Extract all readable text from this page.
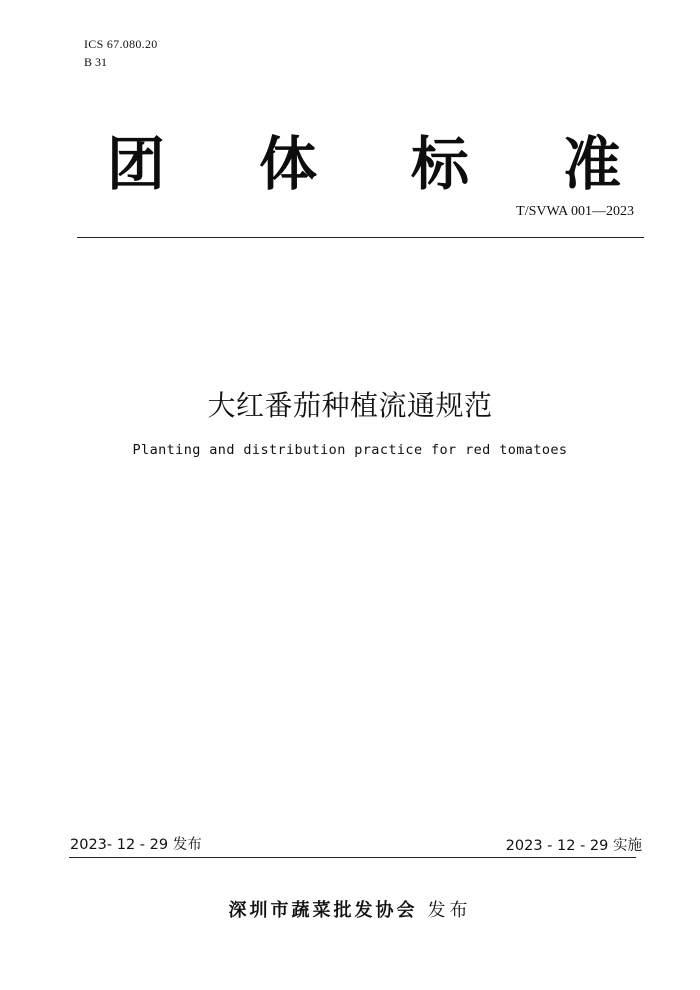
ICS 67.080.20
B 31
团 体 标 准
T/SVWA 001—2023
大红番茄种植流通规范
Planting and distribution practice for red tomatoes
2023- 12 - 29 发布	2023 - 12 - 29 实施
深圳市蔬菜批发协会 发布
